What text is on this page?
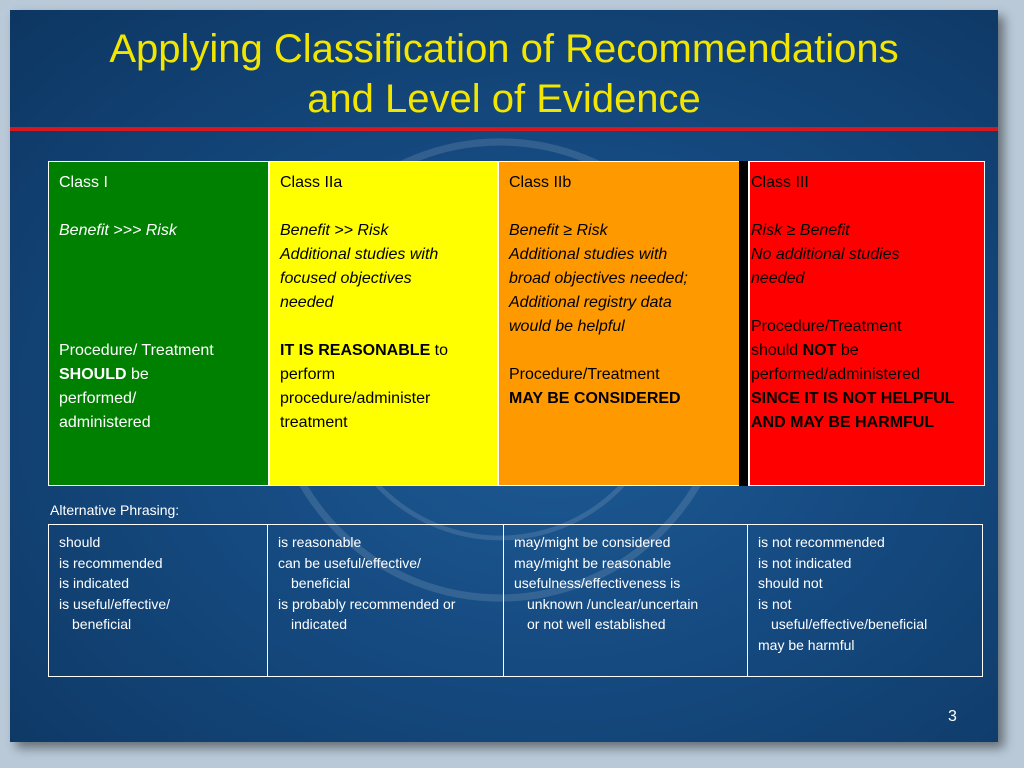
Applying Classification of Recommendations
and Level of Evidence
Class I
Benefit >>> Risk
Procedure/ Treatment
SHOULD be
performed/
administered
Class IIa
Benefit >> Risk
Additional studies with
focused objectives
needed
IT IS REASONABLE to
perform
procedure/administer
treatment
Class IIb
Benefit ≥ Risk
Additional studies with
broad objectives needed;
Additional registry data
would be helpful
Procedure/Treatment
MAY BE CONSIDERED
Class III
Risk ≥ Benefit
No additional studies
needed
Procedure/Treatment
should NOT be
performed/administered
SINCE IT IS NOT HELPFUL
AND MAY BE HARMFUL
Alternative Phrasing:
should
is recommended
is indicated
is useful/effective/
beneficial
is reasonable
can be useful/effective/
beneficial
is probably recommended or
indicated
may/might be considered
may/might be reasonable
usefulness/effectiveness is
unknown /unclear/uncertain
or not well established
is not recommended
is not indicated
should not
is not
useful/effective/beneficial
may be harmful
3
